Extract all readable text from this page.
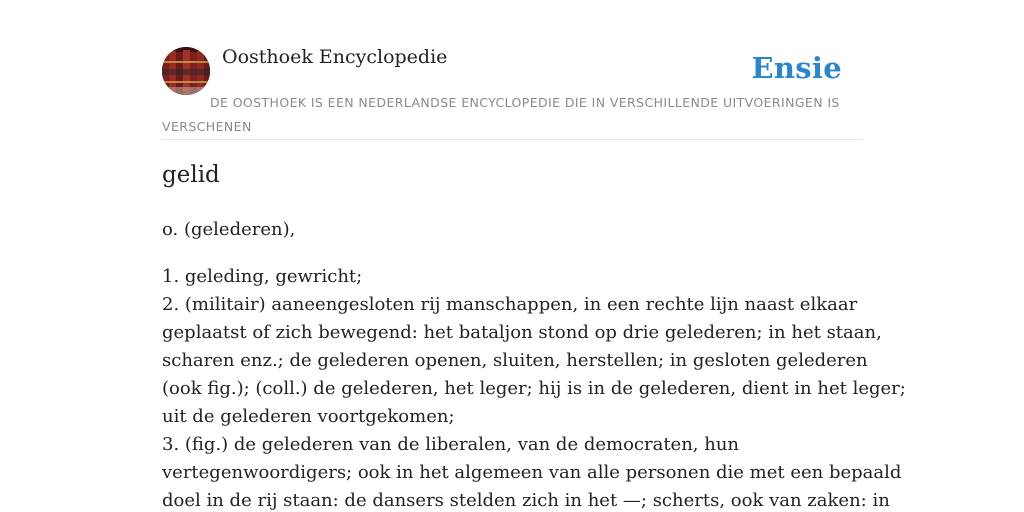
Oosthoek Encyclopedie	Ensie
DE OOSTHOEK IS EEN NEDERLANDSE ENCYCLOPEDIE DIE IN VERSCHILLENDE UITVOERINGEN IS VERSCHENEN
gelid

o. (gelederen),

1. geleding, gewricht;
2. (militair) aaneengesloten rij manschappen, in een rechte lijn naast elkaar
geplaatst of zich bewegend: het bataljon stond op drie gelederen; in het staan,
scharen enz.; de gelederen openen, sluiten, herstellen; in gesloten gelederen
(ook fig.); (coll.) de gelederen, het leger; hij is in de gelederen, dient in het leger;
uit de gelederen voortgekomen;
3. (fig.) de gelederen van de liberalen, van de democraten, hun
vertegenwoordigers; ook in het algemeen van alle personen die met een bepaald
doel in de rij staan: de dansers stelden zich in het —; scherts, ook van zaken: in
